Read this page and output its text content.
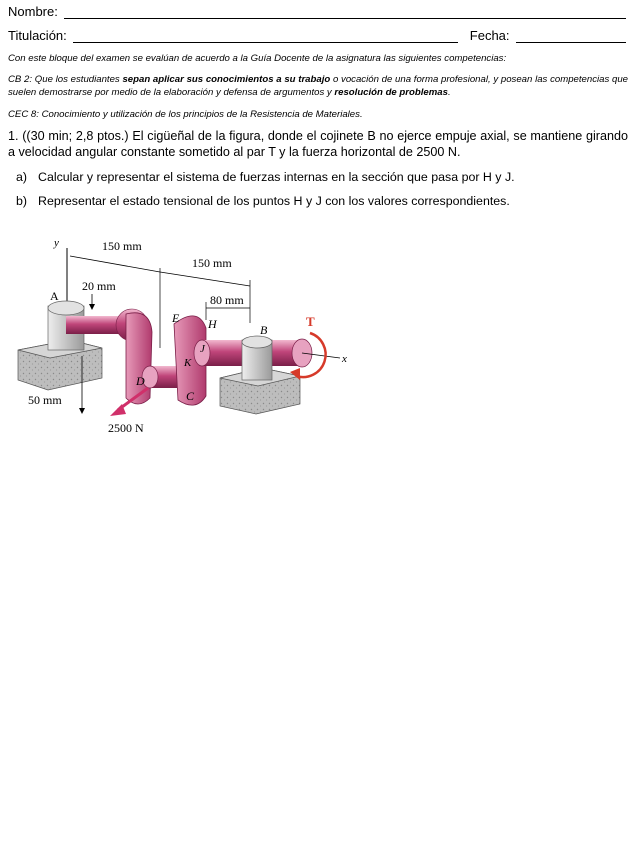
Nombre:
Titulación:	Fecha:
Con este bloque del examen se evalúan de acuerdo a la Guía Docente de la asignatura las siguientes competencias:
CB 2: Que los estudiantes sepan aplicar sus conocimientos a su trabajo o vocación de una forma profesional, y posean las competencias que suelen demostrarse por medio de la elaboración y defensa de argumentos y resolución de problemas.
CEC 8: Conocimiento y utilización de los principios de la Resistencia de Materiales.
1. ((30 min; 2,8 ptos.) El cigüeñal de la figura, donde el cojinete B no ejerce empuje axial, se mantiene girando a velocidad angular constante sometido al par T y la fuerza horizontal de 2500 N.
a) Calcular y representar el sistema de fuerzas internas en la sección que pasa por H y J.
b) Representar el estado tensional de los puntos H y J con los valores correspondientes.
y	150 mm
150 mm
20 mm
80 mm
A
D
E
C
H
J
K
B
x
T
50 mm
2500 N
